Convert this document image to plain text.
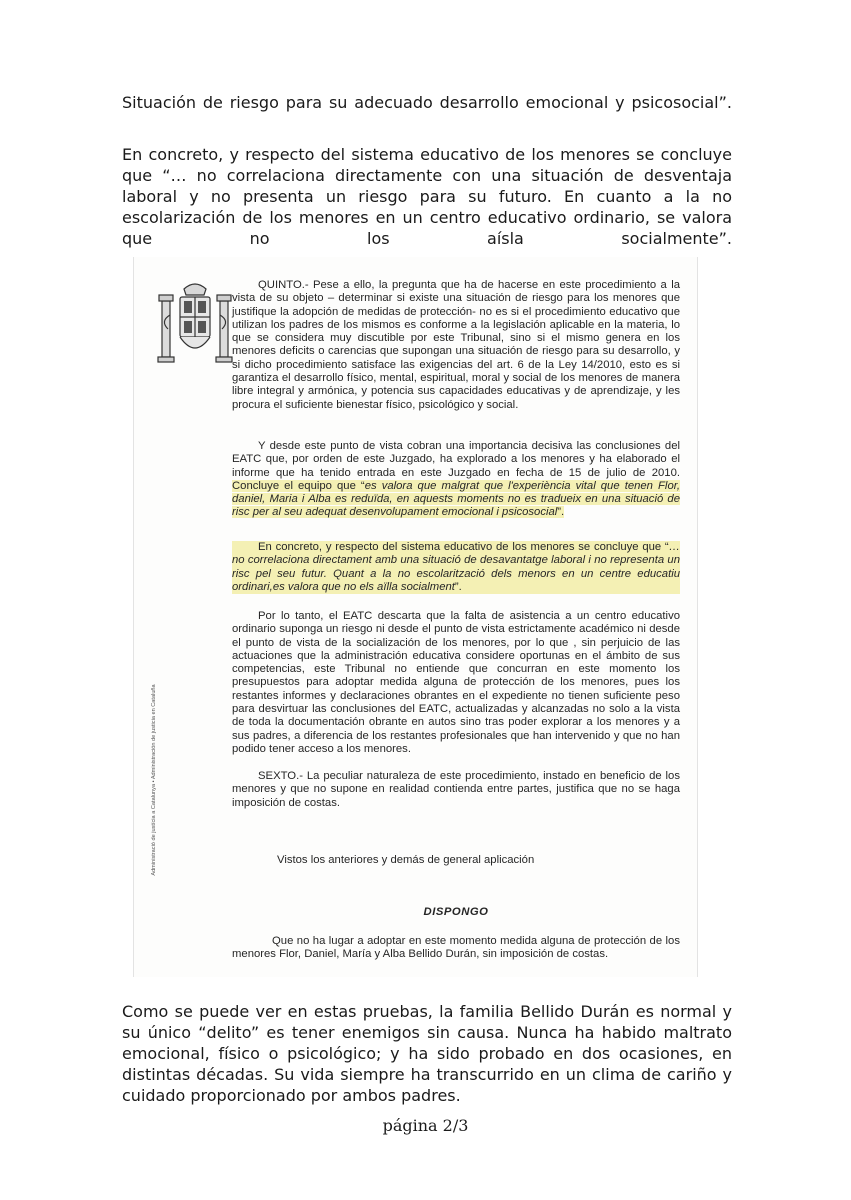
Situación de riesgo para su adecuado desarrollo emocional y psicosocial”.

En concreto, y respecto del sistema educativo de los menores se concluye que “… no correlaciona directamente con una situación de desventaja laboral y no presenta un riesgo para su futuro. En cuanto a la no escolarización de los menores en un centro educativo ordinario, se valora que no los aísla socialmente”.

Administració de justícia a Catalunya • Administración de justicia en Cataluña

QUINTO.- Pese a ello, la pregunta que ha de hacerse en este procedimiento a la vista de su objeto – determinar si existe una situación de riesgo para los menores que justifique la adopción de medidas de protección- no es si el procedimiento educativo que utilizan los padres de los mismos es conforme a la legislación aplicable en la materia, lo que se considera muy discutible por este Tribunal, sino si el mismo genera en los menores deficits o carencias que supongan una situación de riesgo para su desarrollo, y si dicho procedimiento satisface las exigencias del art. 6 de la Ley 14/2010, esto es si garantiza el desarrollo físico, mental, espiritual, moral y social de los menores de manera libre integral y armónica, y potencia sus capacidades educativas y de aprendizaje, y les procura el suficiente bienestar físico, psicológico y social.

Y desde este punto de vista cobran una importancia decisiva las conclusiones del EATC que, por orden de este Juzgado, ha explorado a los menores y ha elaborado el informe que ha tenido entrada en este Juzgado en fecha de 15 de julio de 2010. Concluye el equipo que “es valora que malgrat que l'experiència vital que tenen Flor, daniel, Maria i Alba es reduïda, en aquests moments no es tradueix en una situació de risc per al seu adequat desenvolupament emocional i psicosocial”.

En concreto, y respecto del sistema educativo de los menores se concluye que “… no correlaciona directament amb una situació de desavantatge laboral i no representa un risc pel seu futur. Quant a la no escolarització dels menors en un centre educatiu ordinari,es valora que no els aïlla socialment”.

Por lo tanto, el EATC descarta que la falta de asistencia a un centro educativo ordinario suponga un riesgo ni desde el punto de vista estrictamente académico ni desde el punto de vista de la socialización de los menores, por lo que , sin perjuicio de las actuaciones que la administración educativa considere oportunas en el ámbito de sus competencias, este Tribunal no entiende que concurran en este momento los presupuestos para adoptar medida alguna de protección de los menores, pues los restantes informes y declaraciones obrantes en el expediente no tienen suficiente peso para desvirtuar las conclusiones del EATC, actualizadas y alcanzadas no solo a la vista de toda la documentación obrante en autos sino tras poder explorar a los menores y a sus padres, a diferencia de los restantes profesionales que han intervenido y que no han podido tener acceso a los menores.

SEXTO.- La peculiar naturaleza de este procedimiento, instado en beneficio de los menores y que no supone en realidad contienda entre partes, justifica que no se haga imposición de costas.

Vistos los anteriores y demás de general aplicación

DISPONGO

Que no ha lugar a adoptar en este momento medida alguna de protección de los menores Flor, Daniel, María y Alba Bellido Durán, sin imposición de costas.

Como se puede ver en estas pruebas, la familia Bellido Durán es normal y su único “delito” es tener enemigos sin causa. Nunca ha habido maltrato emocional, físico o psicológico; y ha sido probado en dos ocasiones, en distintas décadas. Su vida siempre ha transcurrido en un clima de cariño y cuidado proporcionado por ambos padres.

página 2/3
